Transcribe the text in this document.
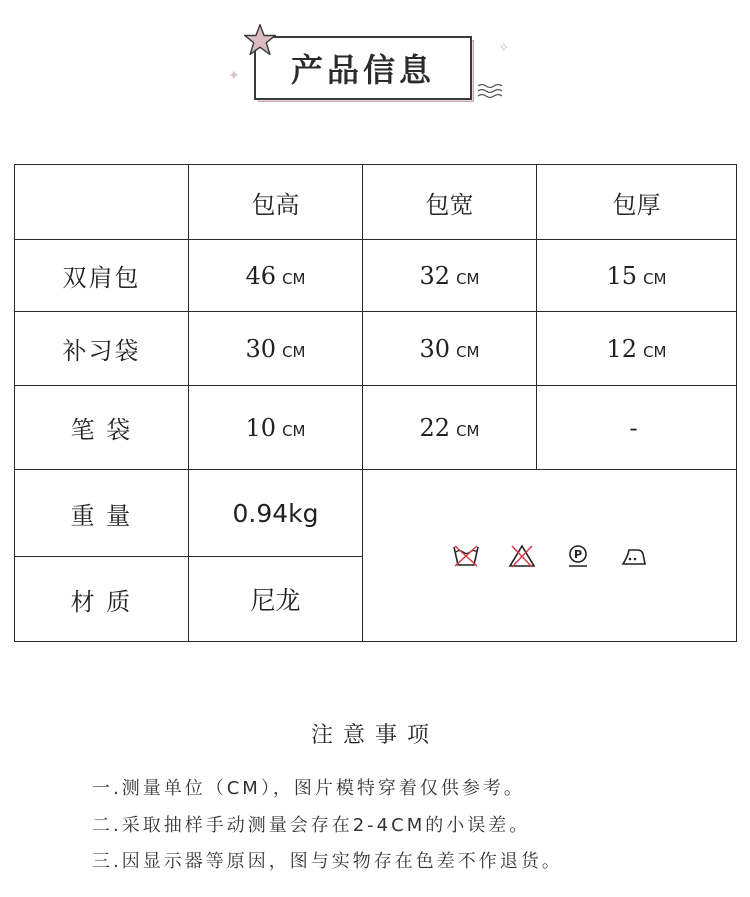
产品信息
✦
✧
	包高	包宽	包厚
双肩包	46 CM	32 CM	15 CM
补习袋	30 CM	30 CM	12 CM
笔 袋	10 CM	22 CM	-
重 量	0.94kg	P	

材 质	尼龙		
注意事项
一.测量单位（CM），图片模特穿着仅供参考。
二.采取抽样手动测量会存在2-4CM的小误差。
三.因显示器等原因，图与实物存在色差不作退货。
